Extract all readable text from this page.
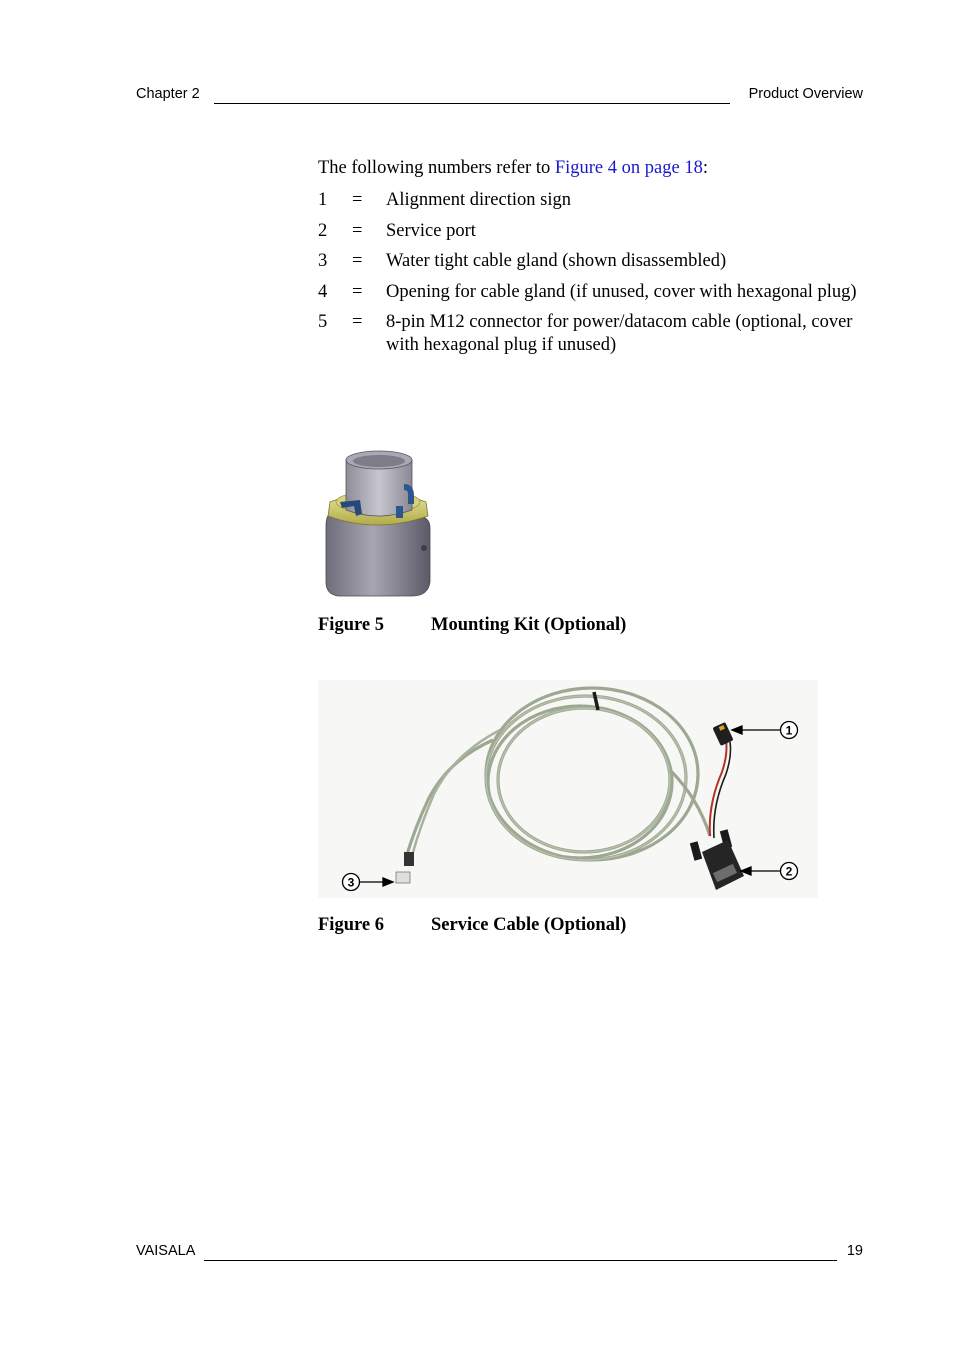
Chapter 2	Product Overview
The following numbers refer to Figure 4 on page 18:
1 = Alignment direction sign
2 = Service port
3 = Water tight cable gland (shown disassembled)
4 = Opening for cable gland (if unused, cover with hexagonal plug)
5 = 8-pin M12 connector for power/datacom cable (optional, cover with hexagonal plug if unused)
Figure 5	Mounting Kit (Optional)
1
2
3
Figure 6	Service Cable (Optional)
VAISALA	19
